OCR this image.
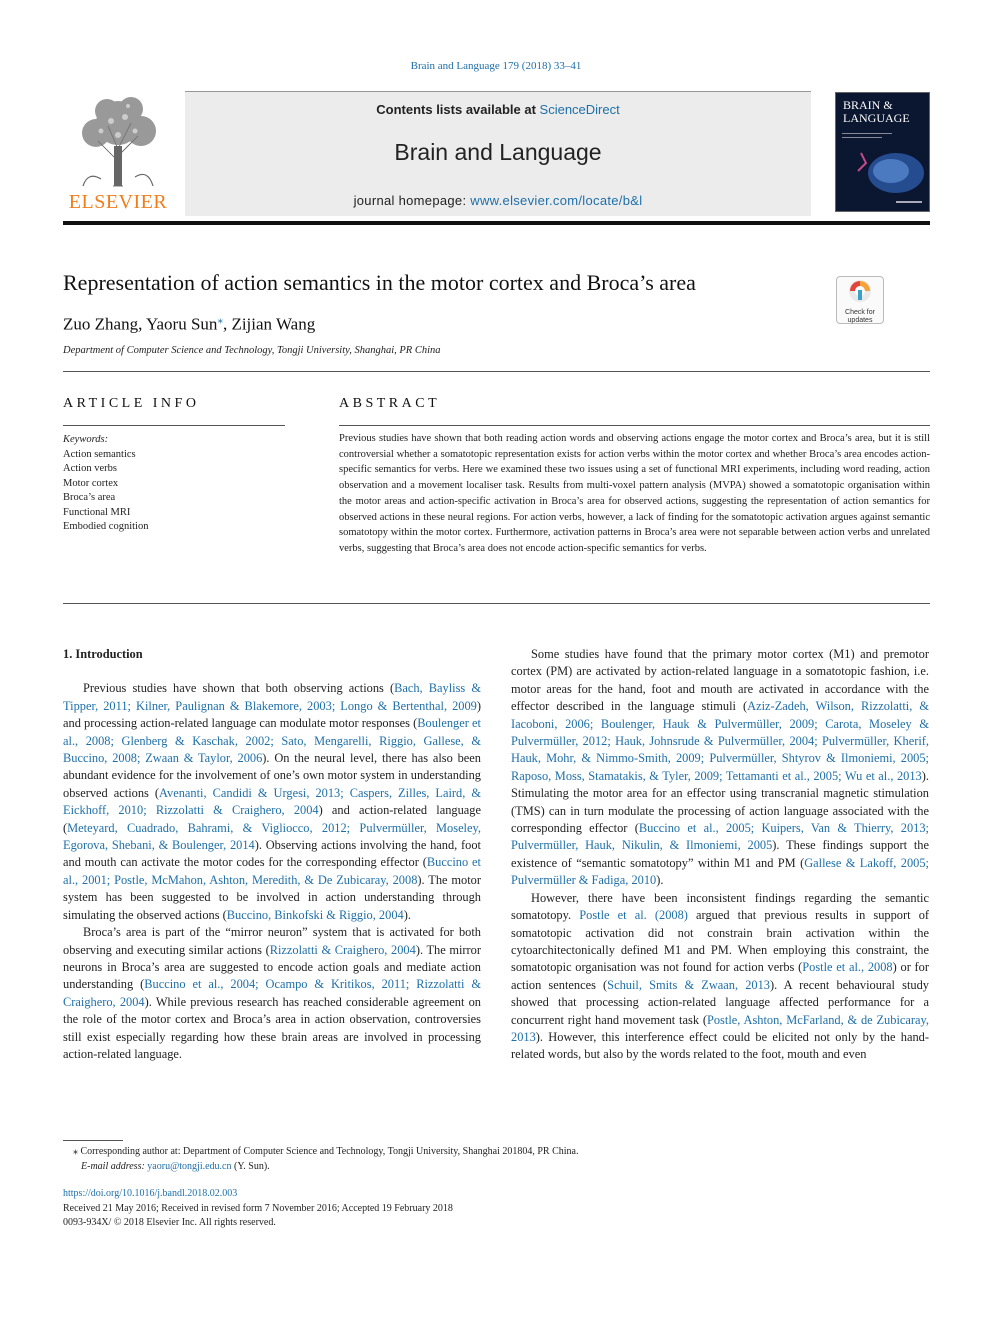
Brain and Language 179 (2018) 33–41
ELSEVIER
Contents lists available at ScienceDirect
Brain and Language
journal homepage: www.elsevier.com/locate/b&l
BRAIN &
LANGUAGE
Representation of action semantics in the motor cortex and Broca’s area
Check for
updates
Zuo Zhang, Yaoru Sun⁎, Zijian Wang
Department of Computer Science and Technology, Tongji University, Shanghai, PR China
ARTICLE INFO	ABSTRACT
Keywords:
Action semantics
Action verbs
Motor cortex
Broca’s area
Functional MRI
Embodied cognition
Previous studies have shown that both reading action words and observing actions engage the motor cortex and Broca’s area, but it is still controversial whether a somatotopic representation exists for action verbs within the motor cortex and whether Broca’s area encodes action-specific semantics for verbs. Here we examined these two issues using a set of functional MRI experiments, including word reading, action observation and a movement localiser task. Results from multi-voxel pattern analysis (MVPA) showed a somatotopic organisation within the motor areas and action-specific activation in Broca’s area for observed actions, suggesting the representation of action semantics for observed actions in these neural regions. For action verbs, however, a lack of finding for the somatotopic activation argues against semantic somatotopy within the motor cortex. Furthermore, activation patterns in Broca’s area were not separable between action verbs and unrelated verbs, suggesting that Broca’s area does not encode action-specific semantics for verbs.
1. Introduction

Previous studies have shown that both observing actions (Bach, Bayliss & Tipper, 2011; Kilner, Paulignan & Blakemore, 2003; Longo & Bertenthal, 2009) and processing action-related language can modulate motor responses (Boulenger et al., 2008; Glenberg & Kaschak, 2002; Sato, Mengarelli, Riggio, Gallese, & Buccino, 2008; Zwaan & Taylor, 2006). On the neural level, there has also been abundant evidence for the involvement of one’s own motor system in understanding observed actions (Avenanti, Candidi & Urgesi, 2013; Caspers, Zilles, Laird, & Eickhoff, 2010; Rizzolatti & Craighero, 2004) and action-related language (Meteyard, Cuadrado, Bahrami, & Vigliocco, 2012; Pulvermüller, Moseley, Egorova, Shebani, & Boulenger, 2014). Observing actions involving the hand, foot and mouth can activate the motor codes for the corresponding effector (Buccino et al., 2001; Postle, McMahon, Ashton, Meredith, & De Zubicaray, 2008). The motor system has been suggested to be involved in action understanding through simulating the observed actions (Buccino, Binkofski & Riggio, 2004).

Broca’s area is part of the “mirror neuron” system that is activated for both observing and executing similar actions (Rizzolatti & Craighero, 2004). The mirror neurons in Broca’s area are suggested to encode action goals and mediate action understanding (Buccino et al., 2004; Ocampo & Kritikos, 2011; Rizzolatti & Craighero, 2004). While previous research has reached considerable agreement on the role of the motor cortex and Broca’s area in action observation, controversies still exist especially regarding how these brain areas are involved in processing action-related language.

Some studies have found that the primary motor cortex (M1) and premotor cortex (PM) are activated by action-related language in a somatotopic fashion, i.e. motor areas for the hand, foot and mouth are activated in accordance with the effector described in the language stimuli (Aziz-Zadeh, Wilson, Rizzolatti, & Iacoboni, 2006; Boulenger, Hauk & Pulvermüller, 2009; Carota, Moseley & Pulvermüller, 2012; Hauk, Johnsrude & Pulvermüller, 2004; Pulvermüller, Kherif, Hauk, Mohr, & Nimmo-Smith, 2009; Pulvermüller, Shtyrov & Ilmoniemi, 2005; Raposo, Moss, Stamatakis, & Tyler, 2009; Tettamanti et al., 2005; Wu et al., 2013). Stimulating the motor area for an effector using transcranial magnetic stimulation (TMS) can in turn modulate the processing of action language associated with the corresponding effector (Buccino et al., 2005; Kuipers, Van & Thierry, 2013; Pulvermüller, Hauk, Nikulin, & Ilmoniemi, 2005). These findings support the existence of “semantic somatotopy” within M1 and PM (Gallese & Lakoff, 2005; Pulvermüller & Fadiga, 2010).

However, there have been inconsistent findings regarding the semantic somatotopy. Postle et al. (2008) argued that previous results in support of somatotopic activation did not constrain brain activation within the cytoarchitectonically defined M1 and PM. When employing this constraint, the somatotopic organisation was not found for action verbs (Postle et al., 2008) or for action sentences (Schuil, Smits & Zwaan, 2013). A recent behavioural study showed that processing action-related language affected performance for a concurrent right hand movement task (Postle, Ashton, McFarland, & de Zubicaray, 2013). However, this interference effect could be elicited not only by the hand-related words, but also by the words related to the foot, mouth and even

⁎ Corresponding author at: Department of Computer Science and Technology, Tongji University, Shanghai 201804, PR China.
E-mail address: yaoru@tongji.edu.cn (Y. Sun).
https://doi.org/10.1016/j.bandl.2018.02.003
Received 21 May 2016; Received in revised form 7 November 2016; Accepted 19 February 2018
0093-934X/ © 2018 Elsevier Inc. All rights reserved.
